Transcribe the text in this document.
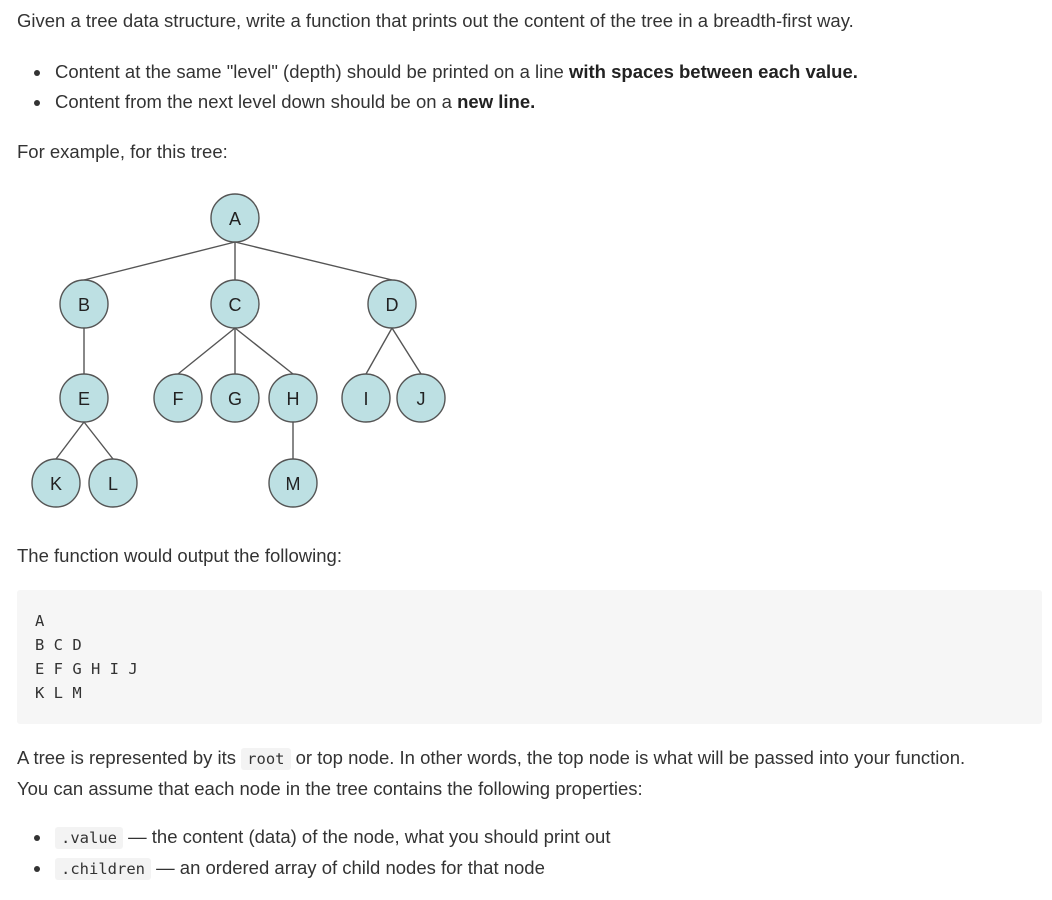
Given a tree data structure, write a function that prints out the content of the tree in a breadth-first way.

Content at the same "level" (depth) should be printed on a line with spaces between each value.
Content from the next level down should be on a new line.

For example, for this tree:

A
B	C	D
E	F G H	I	J
K	L	M

The function would output the following:

A
B C D
E F G H I J
K L M

A tree is represented by its root or top node. In other words, the top node is what will be passed into your function.
You can assume that each node in the tree contains the following properties:

.value — the content (data) of the node, what you should print out
.children — an ordered array of child nodes for that node
